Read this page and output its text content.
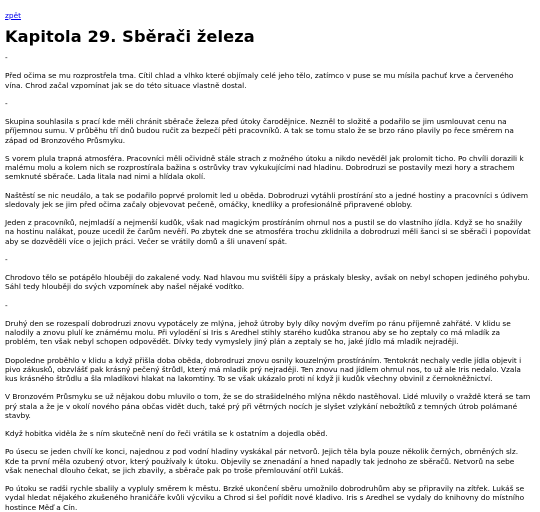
zpět
Kapitola 29. Sběrači železa

-

Před očima se mu rozprostřela tma. Cítil chlad a vlhko které objímaly celé jeho tělo, zatímco v puse se mu mísila pachuť krve a červeného vína. Chrod začal vzpomínat jak se do této situace vlastně dostal.

-

Skupina souhlasila s prací kde měli chránit sběrače železa před útoky čarodějnice. Nezněl to složitě a podařilo se jim usmlouvat cenu na příjemnou sumu. V průběhu tří dnů budou ručit za bezpečí pěti pracovníků. A tak se tomu stalo že se brzo ráno plavily po řece směrem na západ od Bronzového Průsmyku.

S vorem plula trapná atmosféra. Pracovníci měli očividně stále strach z možného útoku a nikdo nevěděl jak prolomit ticho. Po chvíli dorazili k malému molu a kolem nich se rozprostírala bažina s ostrůvky trav vykukujícími nad hladinu. Dobrodruzi se postavily mezi hory a strachem semknuté sběrače. Lada litala nad nimi a hlídala okolí.

Naštěstí se nic neudálo, a tak se podařilo poprvé prolomit led u oběda. Dobrodruzi vytáhli prostírání sto a jedné hostiny a pracovníci s údivem sledovaly jek se jim před očima začaly objevovat pečeně, omáčky, knedlíky a profesionálně připravené obloby.

Jeden z pracovníků, nejmladší a nejmenší kudůk, však nad magickým prostíráním ohrnul nos a pustil se do vlastního jídla. Když se ho snažily na hostinu nalákat, pouze ucedil že čarům nevěří. Po zbytek dne se atmosféra trochu zklidnila a dobrodruzi měli šanci si se sběrači i popovídat aby se dozvěděli více o jejich práci. Večer se vrátily domů a šli unavení spát.

-

Chrodovo tělo se potápělo hlouběji do zakalené vody. Nad hlavou mu svištěli šípy a práskaly blesky, avšak on nebyl schopen jediného pohybu. Sáhl tedy hlouběji do svých vzpomínek aby našel nějaké vodítko.

-

Druhý den se rozespalí dobrodruzi znovu vypotácely ze mlýna, jehož útroby byly díky novým dveřím po ránu příjemně zahřáté. V klidu se nalodily a znovu plulí ke známému molu. Při vylodění si Iris s Aredhel stihly starého kudůka stranou aby se ho zeptaly co má mladík za problém, ten však nebyl schopen odpovědět. Dívky tedy vymyslely jiný plán a zeptaly se ho, jaké jídlo má mladík nejraději.

Dopoledne proběhlo v klidu a když přišla doba oběda, dobrodruzi znovu osnily kouzelným prostíráním. Tentokrát nechaly vedle jídla objevit i pivo zákusků, obzvlášť pak krásný pečený štrůdl, který má mladík prý nejraději. Ten znovu nad jídlem ohrnul nos, to už ale Iris nedalo. Vzala kus krásného štrůdlu a šla mladíkovi hlakat na lakomtiny. To se však ukázalo proti ní když ji kudůk všechny obvinil z černokněžnictví.

V Bronzovém Průsmyku se už nějakou dobu mluvilo o tom, že se do strašidelného mlýna někdo nastěhoval. Lidé mluvily o vraždě která se tam prý stala a že je v okolí nového pána občas vidět duch, také prý při větrných nocích je slyšet vzlykání nebožtíků z temných útrob polámané stavby.

Když hobitka viděla že s ním skutečně není do řeči vrátila se k ostatním a dojedla oběd.

Po úsecu se jeden chvílí ke konci, najednou z pod vodní hladiny vyskákal pár netvorů. Jejich těla byla pouze několik černých, obrněných slz. Kde ta první měla ozubený otvor, který používaly k útoku. Objevily se znenadání a hned napadly tak jednoho ze sběračů. Netvorů na sebe však nenechal dlouho čekat, se jich zbavily, a sběrače pak po troše přemlouvání otřil Lukáš.

Po útoku se radši rychle sbalily a vypluly směrem k městu. Brzké ukončení sběru umožnilo dobrodruhům aby se připravily na zítřek. Lukáš se vydal hledat nějakého zkušeného hraničáře kvůli výcviku a Chrod si šel pořídit nové kladivo. Iris s Aredhel se vydaly do knihovny do místního hostince Měď a Cín.
